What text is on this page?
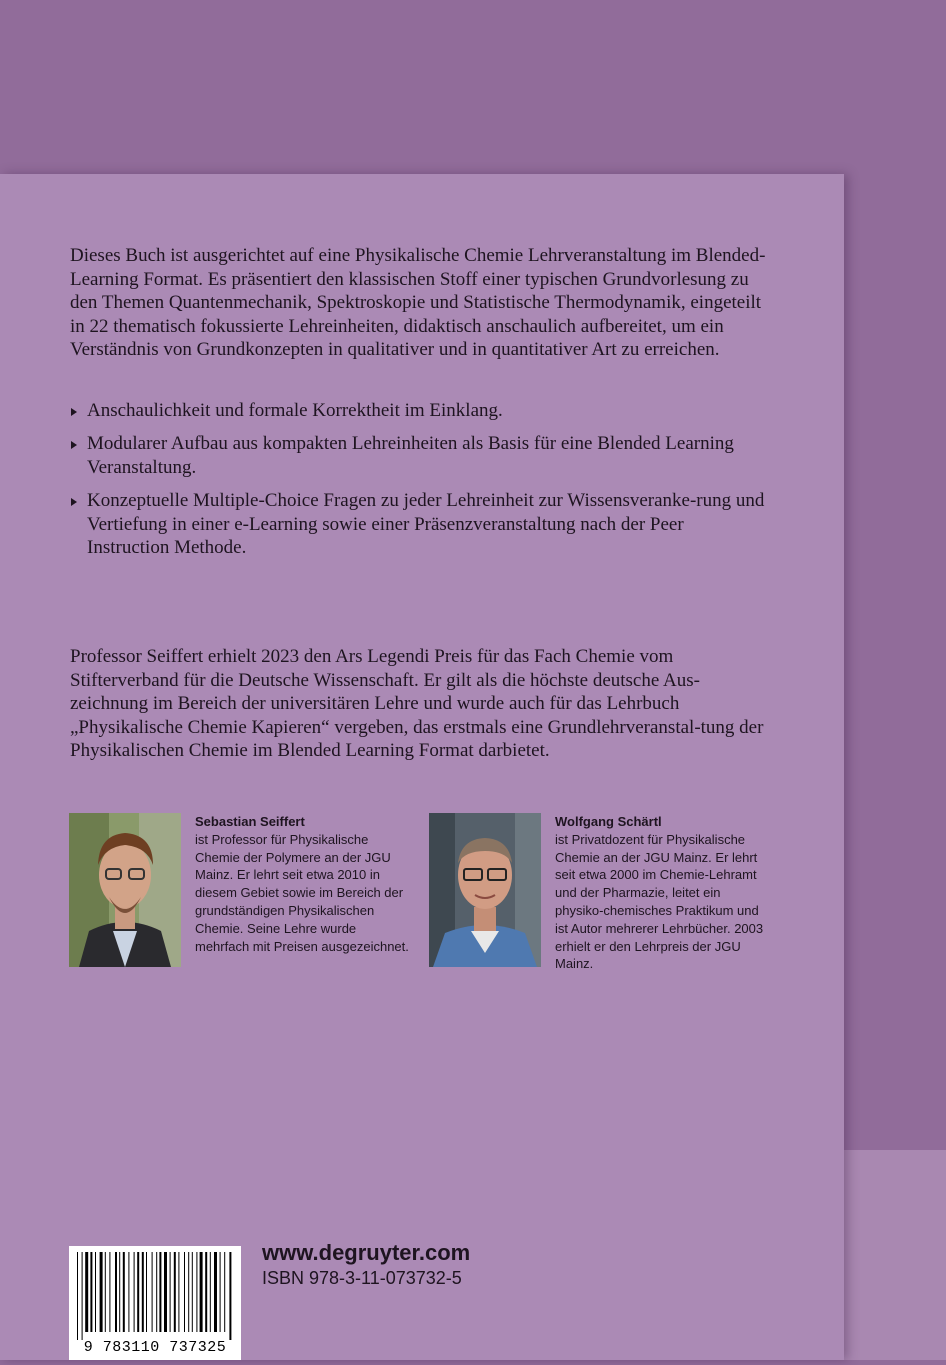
Dieses Buch ist ausgerichtet auf eine Physikalische Chemie Lehrveranstaltung im Blended-Learning Format. Es präsentiert den klassischen Stoff einer typischen Grundvorlesung zu den Themen Quantenmechanik, Spektroskopie und Statistische Thermodynamik, eingeteilt in 22 thematisch fokussierte Lehreinheiten, didaktisch anschaulich aufbereitet, um ein Verständnis von Grundkonzepten in qualitativer und in quantitativer Art zu erreichen.

Anschaulichkeit und formale Korrektheit im Einklang.
Modularer Aufbau aus kompakten Lehreinheiten als Basis für eine Blended Learning Veranstaltung.
Konzeptuelle Multiple-Choice Fragen zu jeder Lehreinheit zur Wissensveranke-rung und Vertiefung in einer e-Learning sowie einer Präsenzveranstaltung nach der Peer Instruction Methode.

Professor Seiffert erhielt 2023 den Ars Legendi Preis für das Fach Chemie vom Stifterverband für die Deutsche Wissenschaft. Er gilt als die höchste deutsche Aus-zeichnung im Bereich der universitären Lehre und wurde auch für das Lehrbuch „Physikalische Chemie Kapieren“ vergeben, das erstmals eine Grundlehrveranstal-tung der Physikalischen Chemie im Blended Learning Format darbietet.

Sebastian Seiffert
ist Professor für Physikalische Chemie der Polymere an der JGU Mainz. Er lehrt seit etwa 2010 in diesem Gebiet sowie im Bereich der grundständigen Physikalischen Chemie. Seine Lehre wurde mehrfach mit Preisen ausgezeichnet.
Wolfgang Schärtl
ist Privatdozent für Physikalische Chemie an der JGU Mainz. Er lehrt seit etwa 2000 im Chemie-Lehramt und der Pharmazie, leitet ein physiko-chemisches Praktikum und ist Autor mehrerer Lehrbücher. 2003 erhielt er den Lehrpreis der JGU Mainz.
9 783110 737325
www.degruyter.com
ISBN 978-3-11-073732-5
